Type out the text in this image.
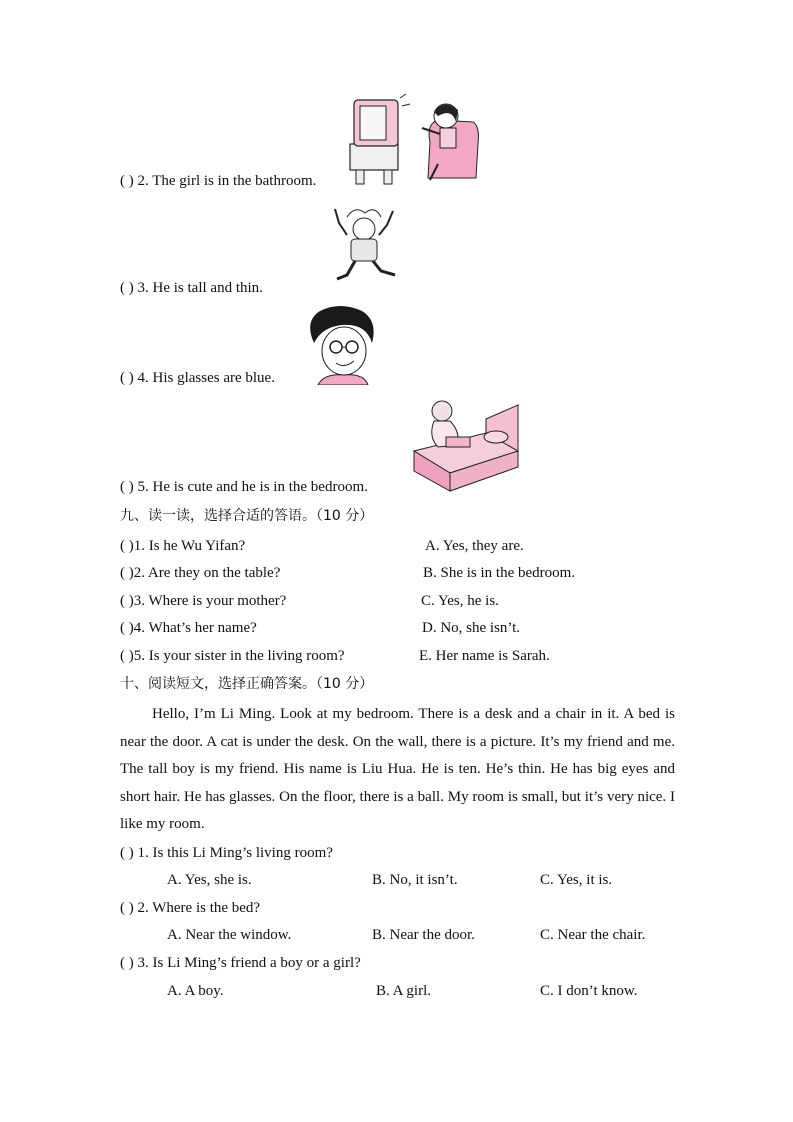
( ) 2. The girl is in the bathroom.
( ) 3. He is tall and thin.
( ) 4. His glasses are blue.
( ) 5. He is cute and he is in the bedroom.
九、读一读，选择合适的答语。（10 分）
( )1. Is he Wu Yifan?	A. Yes, they are.
( )2. Are they on the table?	B. She is in the bedroom.
( )3. Where is your mother?	C. Yes, he is.
( )4. What’s her name?	D. No, she isn’t.
( )5. Is your sister in the living room?	E. Her name is Sarah.
十、阅读短文，选择正确答案。（10 分）
Hello, I’m Li Ming. Look at my bedroom. There is a desk and a chair in it. A bed is near the door. A cat is under the desk. On the wall, there is a picture. It’s my friend and me. The tall boy is my friend. His name is Liu Hua. He is ten. He’s thin. He has big eyes and short hair. He has glasses. On the floor, there is a ball. My room is small, but it’s very nice. I like my room.
( ) 1. Is this Li Ming’s living room?
A. Yes, she is.	B. No, it isn’t.	C. Yes, it is.
( ) 2. Where is the bed?
A. Near the window.	B. Near the door.	C. Near the chair.
( ) 3. Is Li Ming’s friend a boy or a girl?
A. A boy.	B. A girl.	C. I don’t know.
